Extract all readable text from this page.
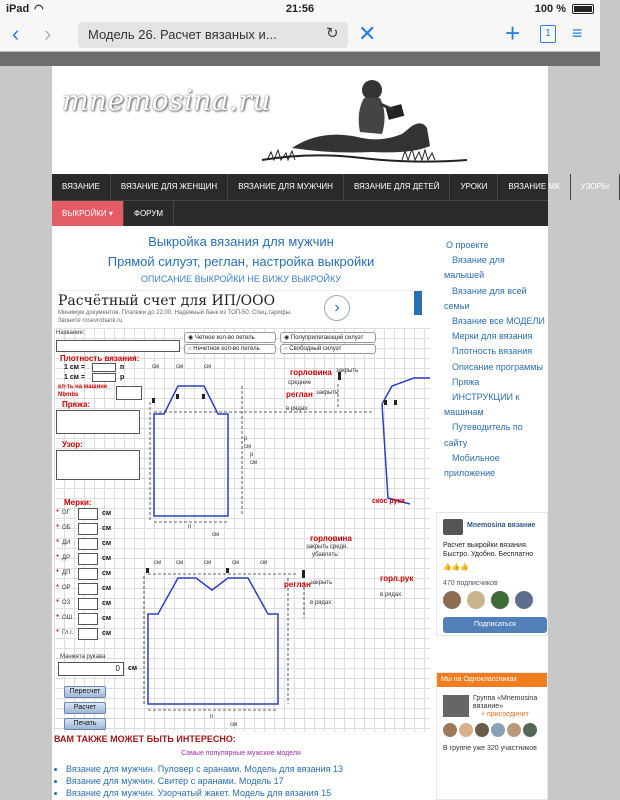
iPad ◠	21:56	100 %
‹ ›	Модель 26. Расчет вязаных и...	↻ ✕	+	1 ≡
mnemosina.ru
ВЯЗАНИЕ	ВЯЗАНИЕ ДЛЯ ЖЕНЩИН	ВЯЗАНИЕ ДЛЯ МУЖЧИН	ВЯЗАНИЕ ДЛЯ ДЕТЕЙ	УРОКИ	ВЯЗАНИЕ МК	УЗОРЫ
ВЫКРОЙКИ ▾	ФОРУМ
Выкройка вязания для мужчин
Прямой силуэт, реглан, настройка выкройки
ОПИСАНИЕ ВЫКРОЙКИ НЕ ВИЖУ ВЫКРОЙКУ
Расчётный счет для ИП/ООО
Минимум документов. Платежи до 22:00. Надежный банк из ТОП-50. Спец.тарифы. Звоните rosevrobank.ru
›
Название:
◉ Четное кол-во петель
○ Нечетное кол-во петель
◉ Полуприлегающий силуэт
○ Свободный силуэт
Плотность вязания:
1 см =	п
1 см =	р
кл-ть на машине
Nbmbs
Пряжа:
Узор:
см	см	см
р
см
р
см
п
см
горловина закрыть
средние
реглан закрыть
в рядах:
скос рука
Мерки:
* ОГ	см
* ОБ	см
* ДИ	см
* ДР	см
* ДП	см
* ОР	см
* ОЗ	см
* ОШ	см
* Гл.г.	см
горловина
закрыть средн.
убавлять:
реглан закрыть
в рядах:
горл.рук
в рядах:
см см	см	см	см
п
см
Манжета рукава
0	см
Пересчет
Расчет
Печать
ВАМ ТАКЖЕ МОЖЕТ БЫТЬ ИНТЕРЕСНО:
Самые популярные мужские модели
• Вязание для мужчин. Пуловер с аранами. Модель для вязания 13
• Вязание для мужчин. Свитер с аранами. Модель 17
• Вязание для мужчин. Узорчатый жакет. Модель для вязания 15
О проекте
Вязание для
малышей
Вязание для всей
семьи
Вязание все МОДЕЛИ
Мерки для вязания
Плотность вязания
Описание программы
Пряжа
ИНСТРУКЦИИ к
машинам
Путеводитель по
сайту
Мобильное
приложение
Mnemosina вязание
Расчет выкройки вязания. Быстро. Удобно. Бесплатно
👍👍👍
470 подписчиков
Подписаться
Мы на Одноклассниках
Группа «Mnemosina вязание»
+ присоединит
В группе уже 320 участников
